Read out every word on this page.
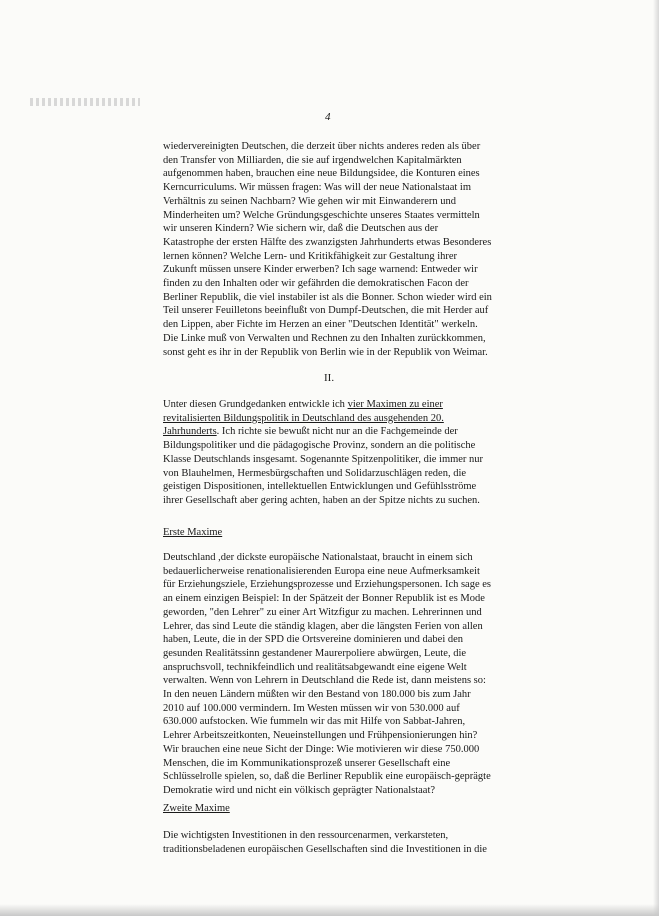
4
wiedervereinigten Deutschen, die derzeit über nichts anderes reden als über
den Transfer von Milliarden, die sie auf irgendwelchen Kapitalmärkten
aufgenommen haben, brauchen eine neue Bildungsidee, die Konturen eines
Kerncurriculums. Wir müssen fragen: Was will der neue Nationalstaat im
Verhältnis zu seinen Nachbarn? Wie gehen wir mit Einwanderern und
Minderheiten um? Welche Gründungsgeschichte unseres Staates vermitteln
wir unseren Kindern? Wie sichern wir, daß die Deutschen aus der
Katastrophe der ersten Hälfte des zwanzigsten Jahrhunderts etwas Besonderes
lernen können? Welche Lern- und Kritikfähigkeit zur Gestaltung ihrer
Zukunft müssen unsere Kinder erwerben? Ich sage warnend: Entweder wir
finden zu den Inhalten oder wir gefährden die demokratischen Facon der
Berliner Republik, die viel instabiler ist als die Bonner. Schon wieder wird ein
Teil unserer Feuilletons beeinflußt von Dumpf-Deutschen, die mit Herder auf
den Lippen, aber Fichte im Herzen an einer "Deutschen Identität" werkeln.
Die Linke muß von Verwalten und Rechnen zu den Inhalten zurückkommen,
sonst geht es ihr in der Republik von Berlin wie in der Republik von Weimar.
II.
Unter diesen Grundgedanken entwickle ich vier Maximen zu einer
revitalisierten Bildungspolitik in Deutschland des ausgehenden 20.
Jahrhunderts. Ich richte sie bewußt nicht nur an die Fachgemeinde der
Bildungspolitiker und die pädagogische Provinz, sondern an die politische
Klasse Deutschlands insgesamt. Sogenannte Spitzenpolitiker, die immer nur
von Blauhelmen, Hermesbürgschaften und Solidarzuschlägen reden, die
geistigen Dispositionen, intellektuellen Entwicklungen und Gefühlsströme
ihrer Gesellschaft aber gering achten, haben an der Spitze nichts zu suchen.
Erste Maxime
Deutschland ,der dickste europäische Nationalstaat, braucht in einem sich
bedauerlicherweise renationalisierenden Europa eine neue Aufmerksamkeit
für Erziehungsziele, Erziehungsprozesse und Erziehungspersonen. Ich sage es
an einem einzigen Beispiel: In der Spätzeit der Bonner Republik ist es Mode
geworden, "den Lehrer" zu einer Art Witzfigur zu machen. Lehrerinnen und
Lehrer, das sind Leute die ständig klagen, aber die längsten Ferien von allen
haben, Leute, die in der SPD die Ortsvereine dominieren und dabei den
gesunden Realitätssinn gestandener Maurerpoliere abwürgen, Leute, die
anspruchsvoll, technikfeindlich und realitätsabgewandt eine eigene Welt
verwalten. Wenn von Lehrern in Deutschland die Rede ist, dann meistens so:
In den neuen Ländern müßten wir den Bestand von 180.000 bis zum Jahr
2010 auf 100.000 vermindern. Im Westen müssen wir von 530.000 auf
630.000 aufstocken. Wie fummeln wir das mit Hilfe von Sabbat-Jahren,
Lehrer Arbeitszeitkonten, Neueinstellungen und Frühpensionierungen hin?
Wir brauchen eine neue Sicht der Dinge: Wie motivieren wir diese 750.000
Menschen, die im Kommunikationsprozeß unserer Gesellschaft eine
Schlüsselrolle spielen, so, daß die Berliner Republik eine europäisch-geprägte
Demokratie wird und nicht ein völkisch geprägter Nationalstaat?
Zweite Maxime
Die wichtigsten Investitionen in den ressourcenarmen, verkarsteten,
traditionsbeladenen europäischen Gesellschaften sind die Investitionen in die
